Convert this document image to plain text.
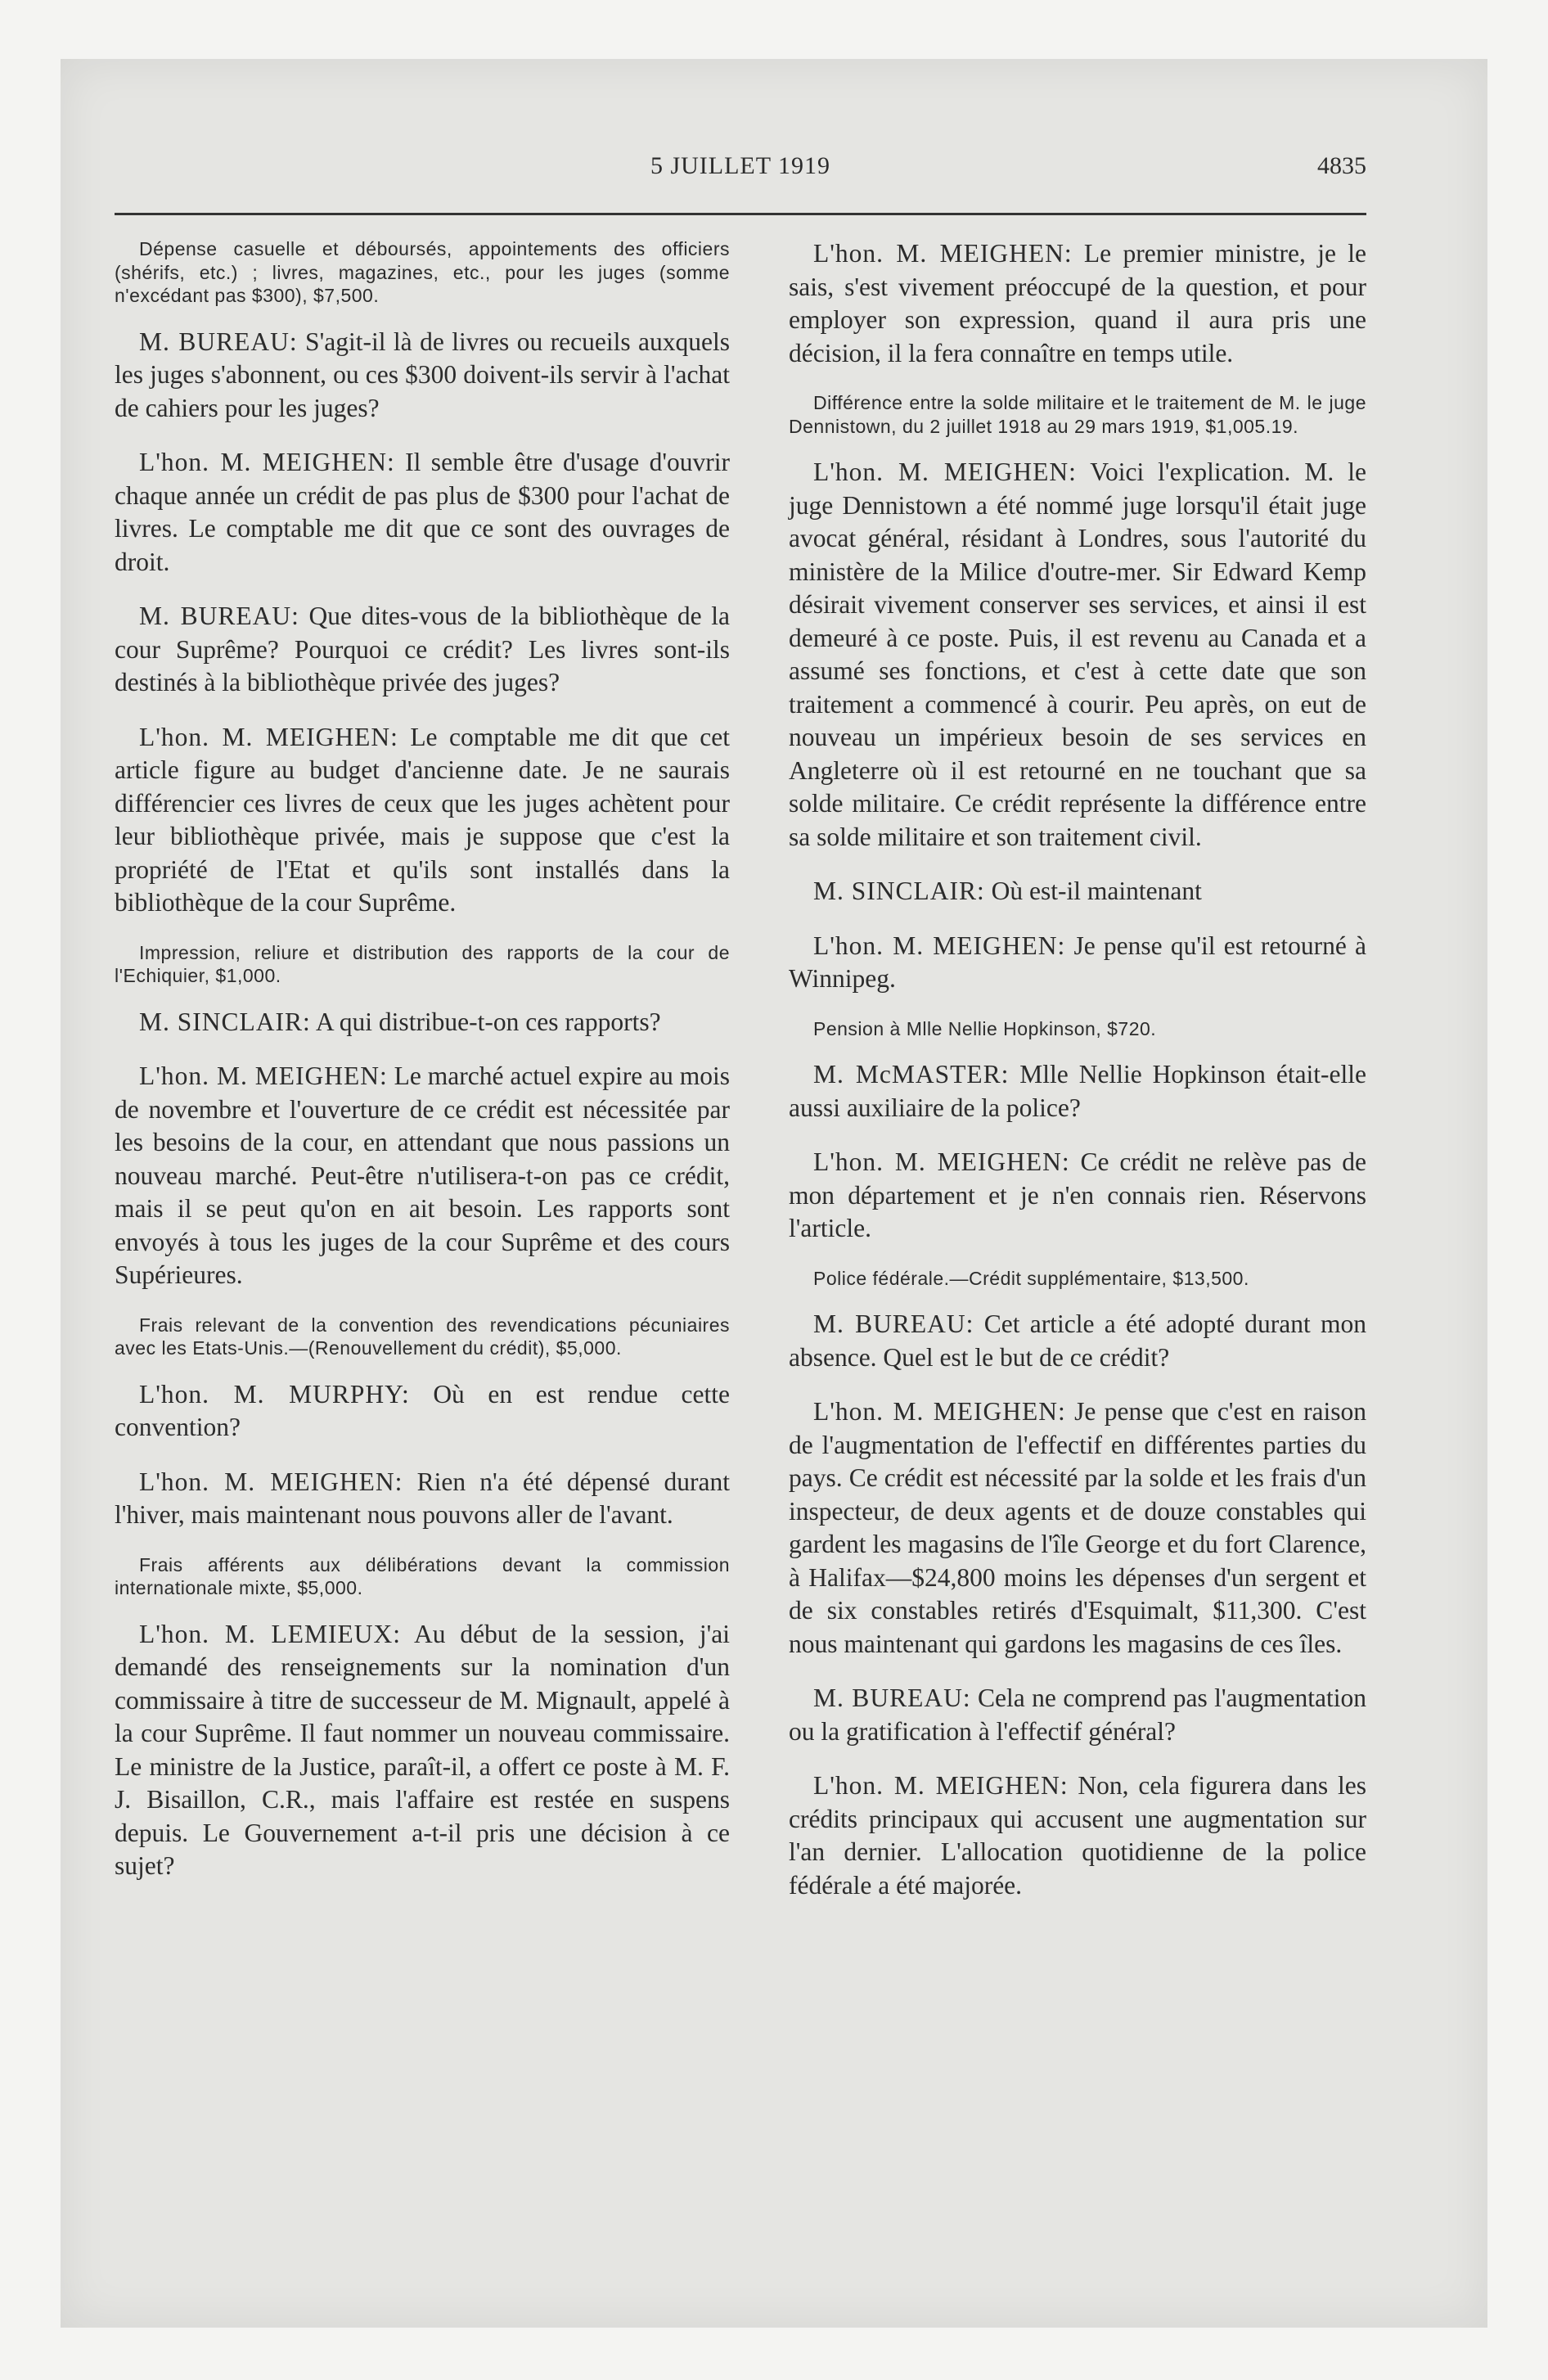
5 JUILLET 1919	4835

Dépense casuelle et déboursés, appointements des officiers (shérifs, etc.) ; livres, magazines, etc., pour les juges (somme n'excédant pas $300), $7,500.

M. BUREAU: S'agit-il là de livres ou recueils auxquels les juges s'abonnent, ou ces $300 doivent-ils servir à l'achat de cahiers pour les juges?

L'hon. M. MEIGHEN: Il semble être d'usage d'ouvrir chaque année un crédit de pas plus de $300 pour l'achat de livres. Le comptable me dit que ce sont des ouvrages de droit.

M. BUREAU: Que dites-vous de la bibliothèque de la cour Suprême? Pourquoi ce crédit? Les livres sont-ils destinés à la bibliothèque privée des juges?

L'hon. M. MEIGHEN: Le comptable me dit que cet article figure au budget d'ancienne date. Je ne saurais différencier ces livres de ceux que les juges achètent pour leur bibliothèque privée, mais je suppose que c'est la propriété de l'Etat et qu'ils sont installés dans la bibliothèque de la cour Suprême.

Impression, reliure et distribution des rapports de la cour de l'Echiquier, $1,000.

M. SINCLAIR: A qui distribue-t-on ces rapports?

L'hon. M. MEIGHEN: Le marché actuel expire au mois de novembre et l'ouverture de ce crédit est nécessitée par les besoins de la cour, en attendant que nous passions un nouveau marché. Peut-être n'utilisera-t-on pas ce crédit, mais il se peut qu'on en ait besoin. Les rapports sont envoyés à tous les juges de la cour Suprême et des cours Supérieures.

Frais relevant de la convention des revendications pécuniaires avec les Etats-Unis.—(Renouvellement du crédit), $5,000.

L'hon. M. MURPHY: Où en est rendue cette convention?

L'hon. M. MEIGHEN: Rien n'a été dépensé durant l'hiver, mais maintenant nous pouvons aller de l'avant.

Frais afférents aux délibérations devant la commission internationale mixte, $5,000.

L'hon. M. LEMIEUX: Au début de la session, j'ai demandé des renseignements sur la nomination d'un commissaire à titre de successeur de M. Mignault, appelé à la cour Suprême. Il faut nommer un nouveau commissaire. Le ministre de la Justice, paraît-il, a offert ce poste à M. F. J. Bisaillon, C.R., mais l'affaire est restée en suspens depuis. Le Gouvernement a-t-il pris une décision à ce sujet?

L'hon. M. MEIGHEN: Le premier ministre, je le sais, s'est vivement préoccupé de la question, et pour employer son expression, quand il aura pris une décision, il la fera connaître en temps utile.

Différence entre la solde militaire et le traitement de M. le juge Dennistown, du 2 juillet 1918 au 29 mars 1919, $1,005.19.

L'hon. M. MEIGHEN: Voici l'explication. M. le juge Dennistown a été nommé juge lorsqu'il était juge avocat général, résidant à Londres, sous l'autorité du ministère de la Milice d'outre-mer. Sir Edward Kemp désirait vivement conserver ses services, et ainsi il est demeuré à ce poste. Puis, il est revenu au Canada et a assumé ses fonctions, et c'est à cette date que son traitement a commencé à courir. Peu après, on eut de nouveau un impérieux besoin de ses services en Angleterre où il est retourné en ne touchant que sa solde militaire. Ce crédit représente la différence entre sa solde militaire et son traitement civil.

M. SINCLAIR: Où est-il maintenant

L'hon. M. MEIGHEN: Je pense qu'il est retourné à Winnipeg.

Pension à Mlle Nellie Hopkinson, $720.

M. McMASTER: Mlle Nellie Hopkinson était-elle aussi auxiliaire de la police?

L'hon. M. MEIGHEN: Ce crédit ne relève pas de mon département et je n'en connais rien. Réservons l'article.

Police fédérale.—Crédit supplémentaire, $13,500.

M. BUREAU: Cet article a été adopté durant mon absence. Quel est le but de ce crédit?

L'hon. M. MEIGHEN: Je pense que c'est en raison de l'augmentation de l'effectif en différentes parties du pays. Ce crédit est nécessité par la solde et les frais d'un inspecteur, de deux agents et de douze constables qui gardent les magasins de l'île George et du fort Clarence, à Halifax—$24,800 moins les dépenses d'un sergent et de six constables retirés d'Esquimalt, $11,300. C'est nous maintenant qui gardons les magasins de ces îles.

M. BUREAU: Cela ne comprend pas l'augmentation ou la gratification à l'effectif général?

L'hon. M. MEIGHEN: Non, cela figurera dans les crédits principaux qui accusent une augmentation sur l'an dernier. L'allocation quotidienne de la police fédérale a été majorée.
